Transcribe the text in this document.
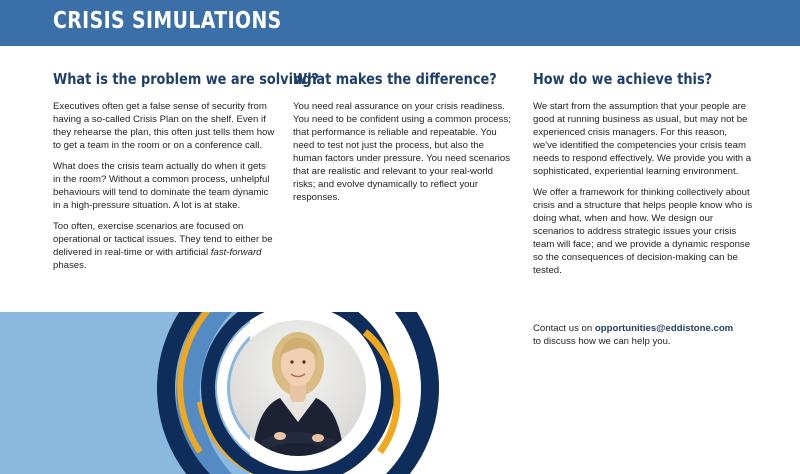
CRISIS SIMULATIONS
What is the problem we are solving?

Executives often get a false sense of security from having a so-called Crisis Plan on the shelf. Even if they rehearse the plan, this often just tells them how to get a team in the room or on a conference call.

What does the crisis team actually do when it gets in the room? Without a common process, unhelpful behaviours will tend to dominate the team dynamic in a high-pressure situation. A lot is at stake.

Too often, exercise scenarios are focused on operational or tactical issues. They tend to either be delivered in real-time or with artificial fast-forward phases.

What makes the difference?

You need real assurance on your crisis readiness. You need to be confident using a common process; that performance is reliable and repeatable. You need to test not just the process, but also the human factors under pressure. You need scenarios that are realistic and relevant to your real-world risks; and evolve dynamically to reflect your responses.

How do we achieve this?

We start from the assumption that your people are good at running business as usual, but may not be experienced crisis managers. For this reason, we've identified the competencies your crisis team needs to respond effectively. We provide you with a sophisticated, experiential learning environment.

We offer a framework for thinking collectively about crisis and a structure that helps people know who is doing what, when and how. We design our scenarios to address strategic issues your crisis team will face; and we provide a dynamic response so the consequences of decision-making can be tested.

Contact us on opportunities@eddistone.com
to discuss how we can help you.
